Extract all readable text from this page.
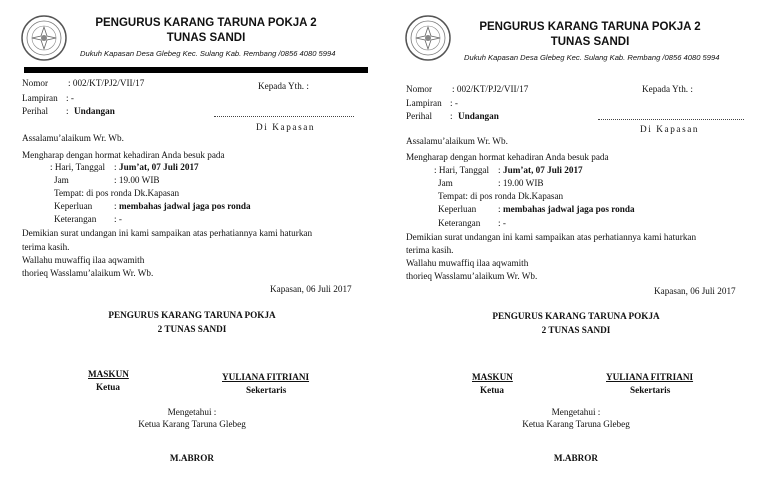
PENGURUS KARANG TARUNA POKJA 2
TUNAS SANDI
Dukuh Kapasan Desa Glebeg Kec. Sulang Kab. Rembang /0856 4080 5994
Nomor : 002/KT/PJ2/VII/17	Kepada Yth. :
Lampiran : -
Perihal : Undangan
Di Kapasan
Assalamu’alaikum Wr. Wb.
Mengharap dengan hormat kehadiran Anda besuk pada
: Hari, Tanggal : Jum’at, 07 Juli 2017
Jam	: 19.00 WIB
Tempat: di pos ronda Dk.Kapasan
Keperluan : membahas jadwal jaga pos ronda
Keterangan : -
Demikian surat undangan ini kami sampaikan atas perhatiannya kami haturkan
terima kasih.
Wallahu muwaffiq ilaa aqwamith
thorieq Wasslamu’alaikum Wr. Wb.
Kapasan, 06 Juli 2017
PENGURUS KARANG TARUNA POKJA
2 TUNAS SANDI
MASKUN
Ketua
YULIANA FITRIANI
Sekertaris
Mengetahui :
Ketua Karang Taruna Glebeg
M.ABROR
PENGURUS KARANG TARUNA POKJA 2
TUNAS SANDI
Dukuh Kapasan Desa Glebeg Kec. Sulang Kab. Rembang /0856 4080 5994
Nomor : 002/KT/PJ2/VII/17	Kepada Yth. :
Lampiran : -
Perihal : Undangan
Di Kapasan
Assalamu’alaikum Wr. Wb.
Mengharap dengan hormat kehadiran Anda besuk pada
: Hari, Tanggal : Jum’at, 07 Juli 2017
Jam	: 19.00 WIB
Tempat: di pos ronda Dk.Kapasan
Keperluan : membahas jadwal jaga pos ronda
Keterangan : -
Demikian surat undangan ini kami sampaikan atas perhatiannya kami haturkan
terima kasih.
Wallahu muwaffiq ilaa aqwamith
thorieq Wasslamu’alaikum Wr. Wb.
Kapasan, 06 Juli 2017
PENGURUS KARANG TARUNA POKJA
2 TUNAS SANDI
MASKUN
Ketua
YULIANA FITRIANI
Sekertaris
Mengetahui :
Ketua Karang Taruna Glebeg
M.ABROR
